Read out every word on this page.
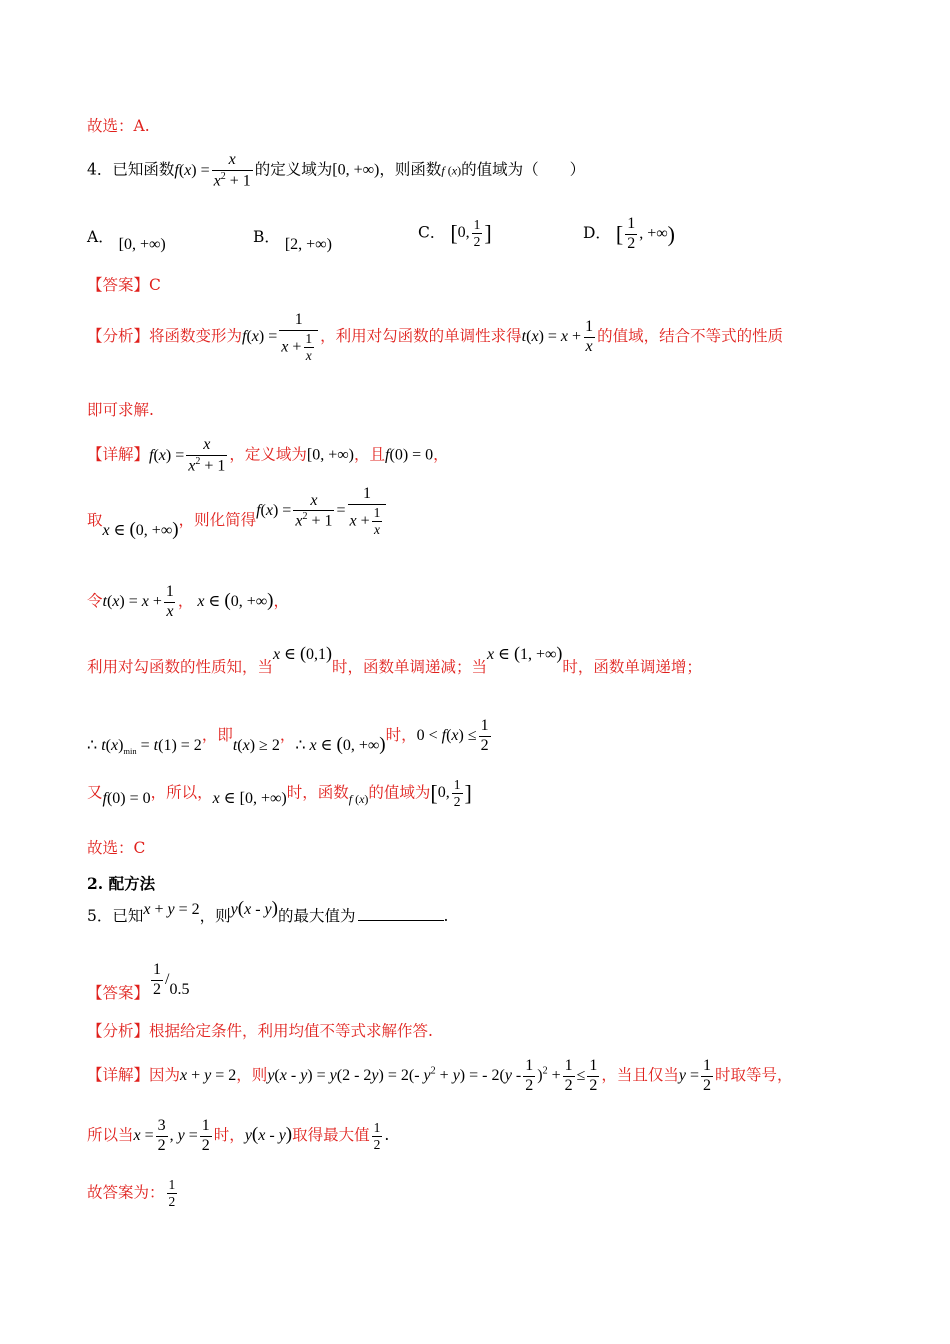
故选：A.
4．已知函数$f(x) = \frac{x}{x^2 + 1}$ 的定义域为[0, +∞)，则函数f (x)的值域为（　　）
A． [0, +∞)	B． [2, +∞)
C． [0, $\frac{1}{2}$ ]	D． [ $\frac{1}{2}$ , +∞)
【答案】C
【分析】将函数变形为$f(x) = \frac{1}{x + \frac{1}{x}}$ ，利用对勾函数的单调性求得$t(x) = x + \frac{1}{x}$ 的值域，结合不等式的性质
即可求解.
【详解】$f(x) = \frac{x}{x^2 + 1}$ ，定义域为[0, +∞)，且f(0) = 0，
取x ∈ (0, +∞)，则化简得$f(x) = \frac{x}{x^2 + 1} = \frac{1}{x + \frac{1}{x}}$
令$t(x) = x + \frac{1}{x}$ ， x ∈ (0, +∞)，
利用对勾函数的性质知，当x ∈ (0,1)时，函数单调递减；当x ∈ (1, +∞)时，函数单调递增；
∴ $t(x)_{min} = t(1) = 2$，即t(x) ≥ 2，∴ x ∈ (0, +∞)时，$0 < f(x) \le \frac{1}{2}$
又f(0) = 0，所以，x ∈ [0, +∞)时，函数$_{f (x)}$的值域为[0, $\frac{1}{2}$ ]
故选：C
2. 配方法
5．已知x + y = 2，则y(x - y)的最大值为	.
【答案】 $\frac{1}{2} /0.5$
【分析】根据给定条件，利用均值不等式求解作答.
【详解】因为x + y = 2，则y(x - y) = y(2 - 2y) = 2(- $y^2 + y$) = - $2(y - \frac{1}{2} )^2 + \frac{1}{2} \le \frac{1}{2}$ ，当且仅当$y = \frac{1}{2}$ 时取等号，
所以当$x = \frac{3}{2}$ , $y = \frac{1}{2}$ 时，y(x - y)取得最大值 $\frac{1}{2}$ .
故答案为： $\frac{1}{2}$
